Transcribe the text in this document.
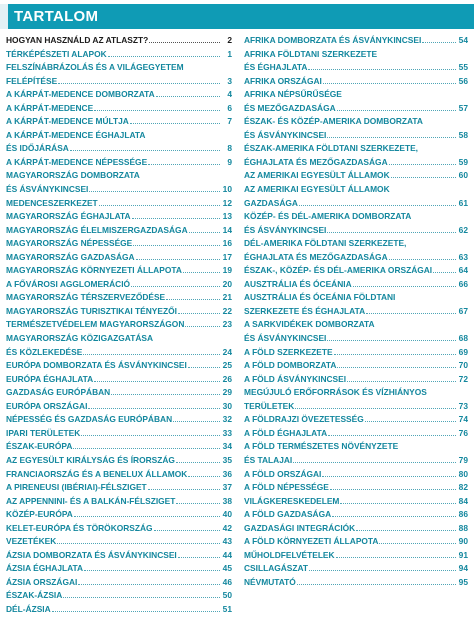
TARTALOM
HOGYAN HASZNÁLD AZ ATLASZT?	2
TÉRKÉPÉSZETI ALAPOK	1
FELSZÍNÁBRÁZOLÁS ÉS A VILÁGEGYETEM
FELÉPÍTÉSE	3
A KÁRPÁT-MEDENCE DOMBORZATA	4
A KÁRPÁT-MEDENCE	6
A KÁRPÁT-MEDENCE MÚLTJA	7
A KÁRPÁT-MEDENCE ÉGHAJLATA
ÉS IDŐJÁRÁSA	8
A KÁRPÁT-MEDENCE NÉPESSÉGE	9
MAGYARORSZÁG DOMBORZATA
ÉS ÁSVÁNYKINCSEI	10
MEDENCESZERKEZET	12
MAGYARORSZÁG ÉGHAJLATA	13
MAGYARORSZÁG ÉLELMISZERGAZDASÁGA	14
MAGYARORSZÁG NÉPESSÉGE	16
MAGYARORSZÁG GAZDASÁGA	17
MAGYARORSZÁG KÖRNYEZETI ÁLLAPOTA	19
A FŐVÁROSI AGGLOMERÁCIÓ	20
MAGYARORSZÁG TÉRSZERVEZŐDÉSE	21
MAGYARORSZÁG TURISZTIKAI TÉNYEZŐI	22
TERMÉSZETVÉDELEM MAGYARORSZÁGON	23
MAGYARORSZÁG KÖZIGAZGATÁSA
ÉS KÖZLEKEDÉSE	24
EURÓPA DOMBORZATA ÉS ÁSVÁNYKINCSEI	25
EURÓPA ÉGHAJLATA	26
GAZDASÁG EURÓPÁBAN	29
EURÓPA ORSZÁGAI	30
NÉPESSÉG ÉS GAZDASÁG EURÓPÁBAN	32
IPARI TERÜLETEK	33
ÉSZAK-EURÓPA	34
AZ EGYESÜLT KIRÁLYSÁG ÉS ÍRORSZÁG	35
FRANCIAORSZÁG ÉS A BENELUX ÁLLAMOK	36
A PIRENEUSI (IBÉRIAI)-FÉLSZIGET	37
AZ APPENNINI- ÉS A BALKÁN-FÉLSZIGET	38
KÖZÉP-EURÓPA	40
KELET-EURÓPA ÉS TÖRÖKORSZÁG	42
VEZETÉKEK	43
ÁZSIA DOMBORZATA ÉS ÁSVÁNYKINCSEI	44
ÁZSIA ÉGHAJLATA	45
ÁZSIA ORSZÁGAI	46
ÉSZAK-ÁZSIA	50
DÉL-ÁZSIA	51
AFRIKA DOMBORZATA ÉS ÁSVÁNYKINCSEI	54
AFRIKA FÖLDTANI SZERKEZETE
ÉS ÉGHAJLATA	55
AFRIKA ORSZÁGAI	56
AFRIKA NÉPSŰRŰSÉGE
ÉS MEZŐGAZDASÁGA	57
ÉSZAK- ÉS KÖZÉP-AMERIKA DOMBORZATA
ÉS ÁSVÁNYKINCSEI	58
ÉSZAK-AMERIKA FÖLDTANI SZERKEZETE,
ÉGHAJLATA ÉS MEZŐGAZDASÁGA	59
AZ AMERIKAI EGYESÜLT ÁLLAMOK	60
AZ AMERIKAI EGYESÜLT ÁLLAMOK
GAZDASÁGA	61
KÖZÉP- ÉS DÉL-AMERIKA DOMBORZATA
ÉS ÁSVÁNYKINCSEI	62
DÉL-AMERIKA FÖLDTANI SZERKEZETE,
ÉGHAJLATA ÉS MEZŐGAZDASÁGA	63
ÉSZAK-, KÖZÉP- ÉS DÉL-AMERIKA ORSZÁGAI	64
AUSZTRÁLIA ÉS ÓCEÁNIA	66
AUSZTRÁLIA ÉS ÓCEÁNIA FÖLDTANI
SZERKEZETE ÉS ÉGHAJLATA	67
A SARKVIDÉKEK DOMBORZATA
ÉS ÁSVÁNYKINCSEI	68
A FÖLD SZERKEZETE	69
A FÖLD DOMBORZATA	70
A FÖLD ÁSVÁNYKINCSEI	72
MEGÚJULÓ ERŐFORRÁSOK ÉS VÍZHIÁNYOS
TERÜLETEK	73
A FÖLDRAJZI ÖVEZETESSÉG	74
A FÖLD ÉGHAJLATA	76
A FÖLD TERMÉSZETES NÖVÉNYZETE
ÉS TALAJAI	79
A FÖLD ORSZÁGAI	80
A FÖLD NÉPESSÉGE	82
VILÁGKERESKEDELEM	84
A FÖLD GAZDASÁGA	86
GAZDASÁGI INTEGRÁCIÓK	88
A FÖLD KÖRNYEZETI ÁLLAPOTA	90
MŰHOLDFELVÉTELEK	91
CSILLAGÁSZAT	94
NÉVMUTATÓ	95
